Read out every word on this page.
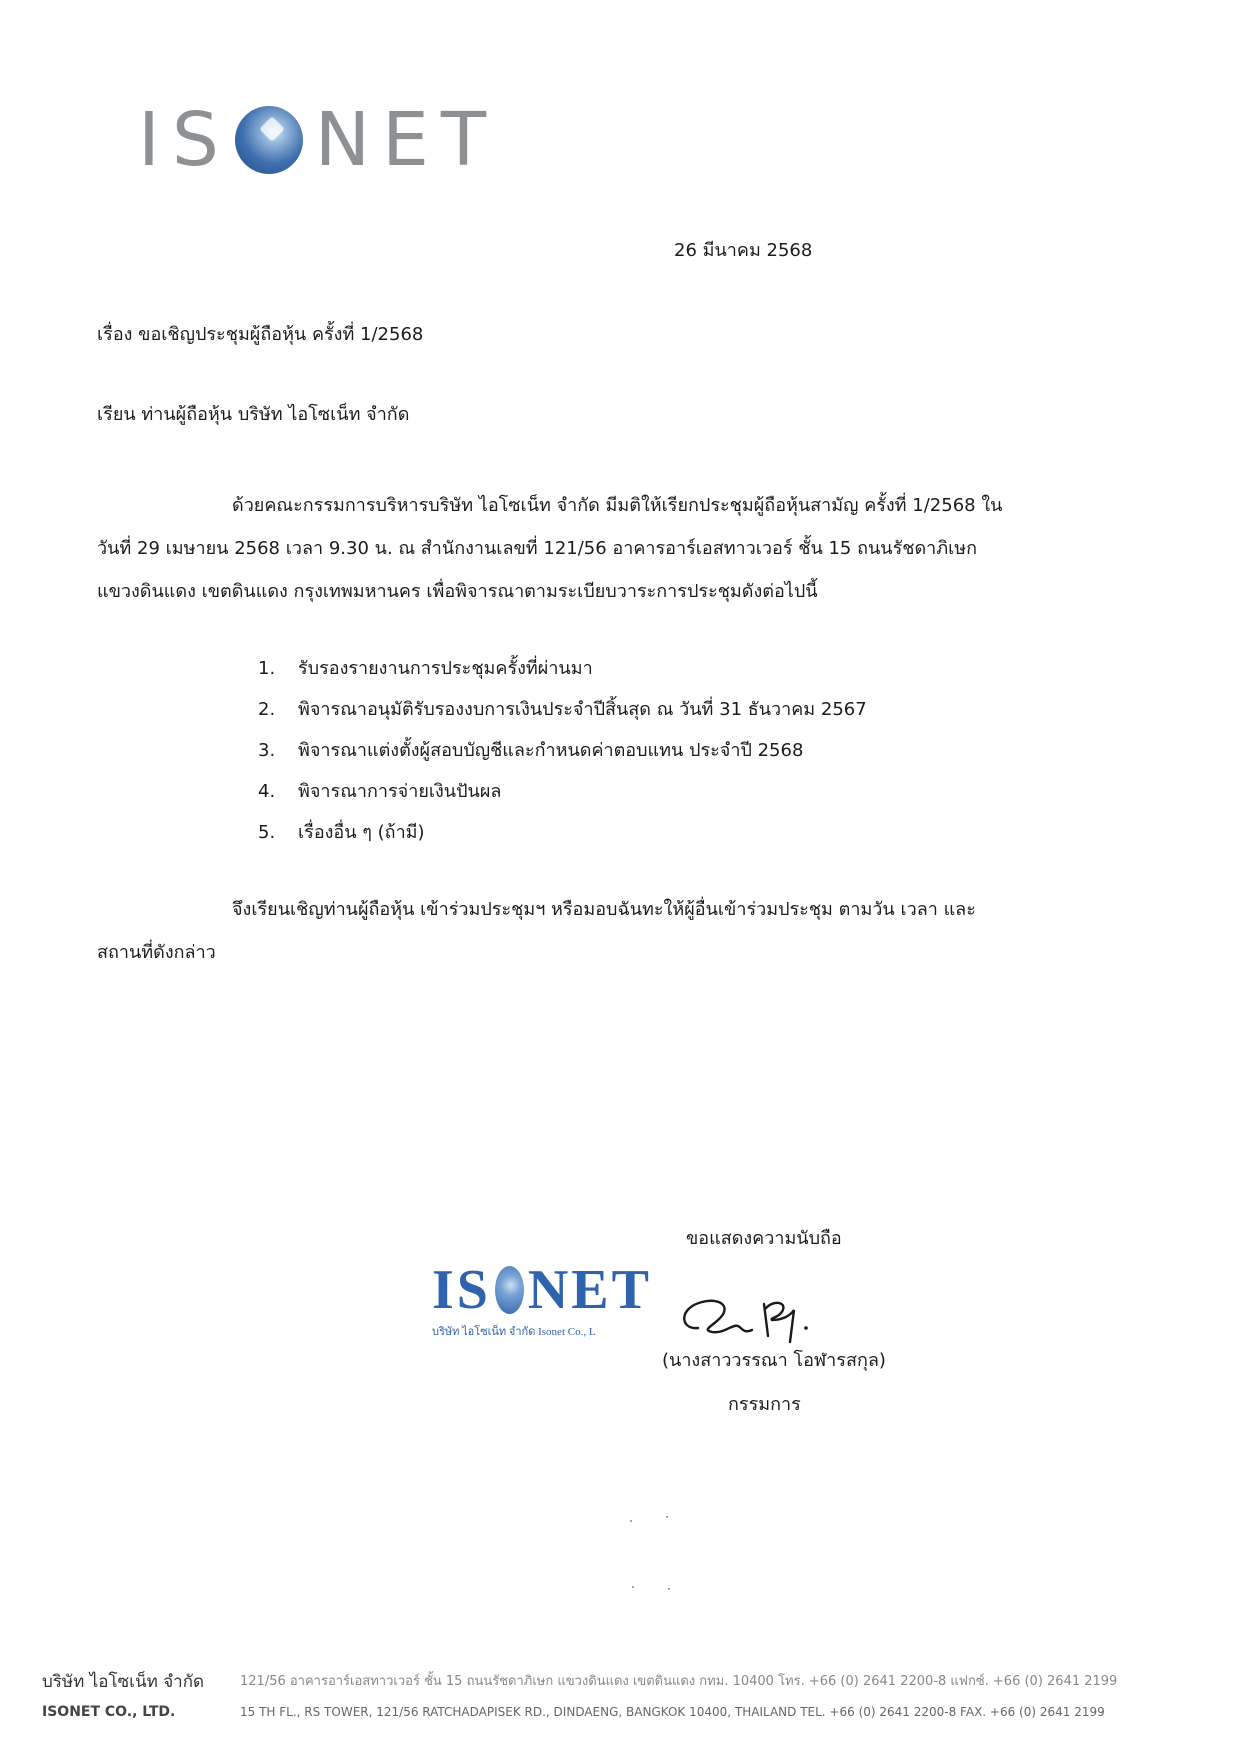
IS NET
26 มีนาคม 2568
เรื่อง ขอเชิญประชุมผู้ถือหุ้น ครั้งที่ 1/2568
เรียน ท่านผู้ถือหุ้น บริษัท ไอโซเน็ท จำกัด
ด้วยคณะกรรมการบริหารบริษัท ไอโซเน็ท จำกัด มีมติให้เรียกประชุมผู้ถือหุ้นสามัญ ครั้งที่ 1/2568 ใน
วันที่ 29 เมษายน 2568 เวลา 9.30 น. ณ สำนักงานเลขที่ 121/56 อาคารอาร์เอสทาวเวอร์ ชั้น 15 ถนนรัชดาภิเษก
แขวงดินแดง เขตดินแดง กรุงเทพมหานคร เพื่อพิจารณาตามระเบียบวาระการประชุมดังต่อไปนี้
1.	รับรองรายงานการประชุมครั้งที่ผ่านมา
2.	พิจารณาอนุมัติรับรองงบการเงินประจำปีสิ้นสุด ณ วันที่ 31 ธันวาคม 2567
3.	พิจารณาแต่งตั้งผู้สอบบัญชีและกำหนดค่าตอบแทน ประจำปี 2568
4.	พิจารณาการจ่ายเงินปันผล
5.	เรื่องอื่น ๆ (ถ้ามี)
จึงเรียนเชิญท่านผู้ถือหุ้น เข้าร่วมประชุมฯ หรือมอบฉันทะให้ผู้อื่นเข้าร่วมประชุม ตามวัน เวลา และ
สถานที่ดังกล่าว
ขอแสดงความนับถือ
IS NET
บริษัท ไอโซเน็ท จำกัด Isonet Co., L
(นางสาววรรณา โอฬารสกุล)
กรรมการ
บริษัท ไอโซเน็ท จำกัด	121/56 อาคารอาร์เอสทาวเวอร์ ชั้น 15 ถนนรัชดาภิเษก แขวงดินแดง เขตดินแดง กทม. 10400 โทร. +66 (0) 2641 2200-8 แฟกซ์. +66 (0) 2641 2199
ISONET CO., LTD.	15 TH FL., RS TOWER, 121/56 RATCHADAPISEK RD., DINDAENG, BANGKOK 10400, THAILAND TEL. +66 (0) 2641 2200-8 FAX. +66 (0) 2641 2199
